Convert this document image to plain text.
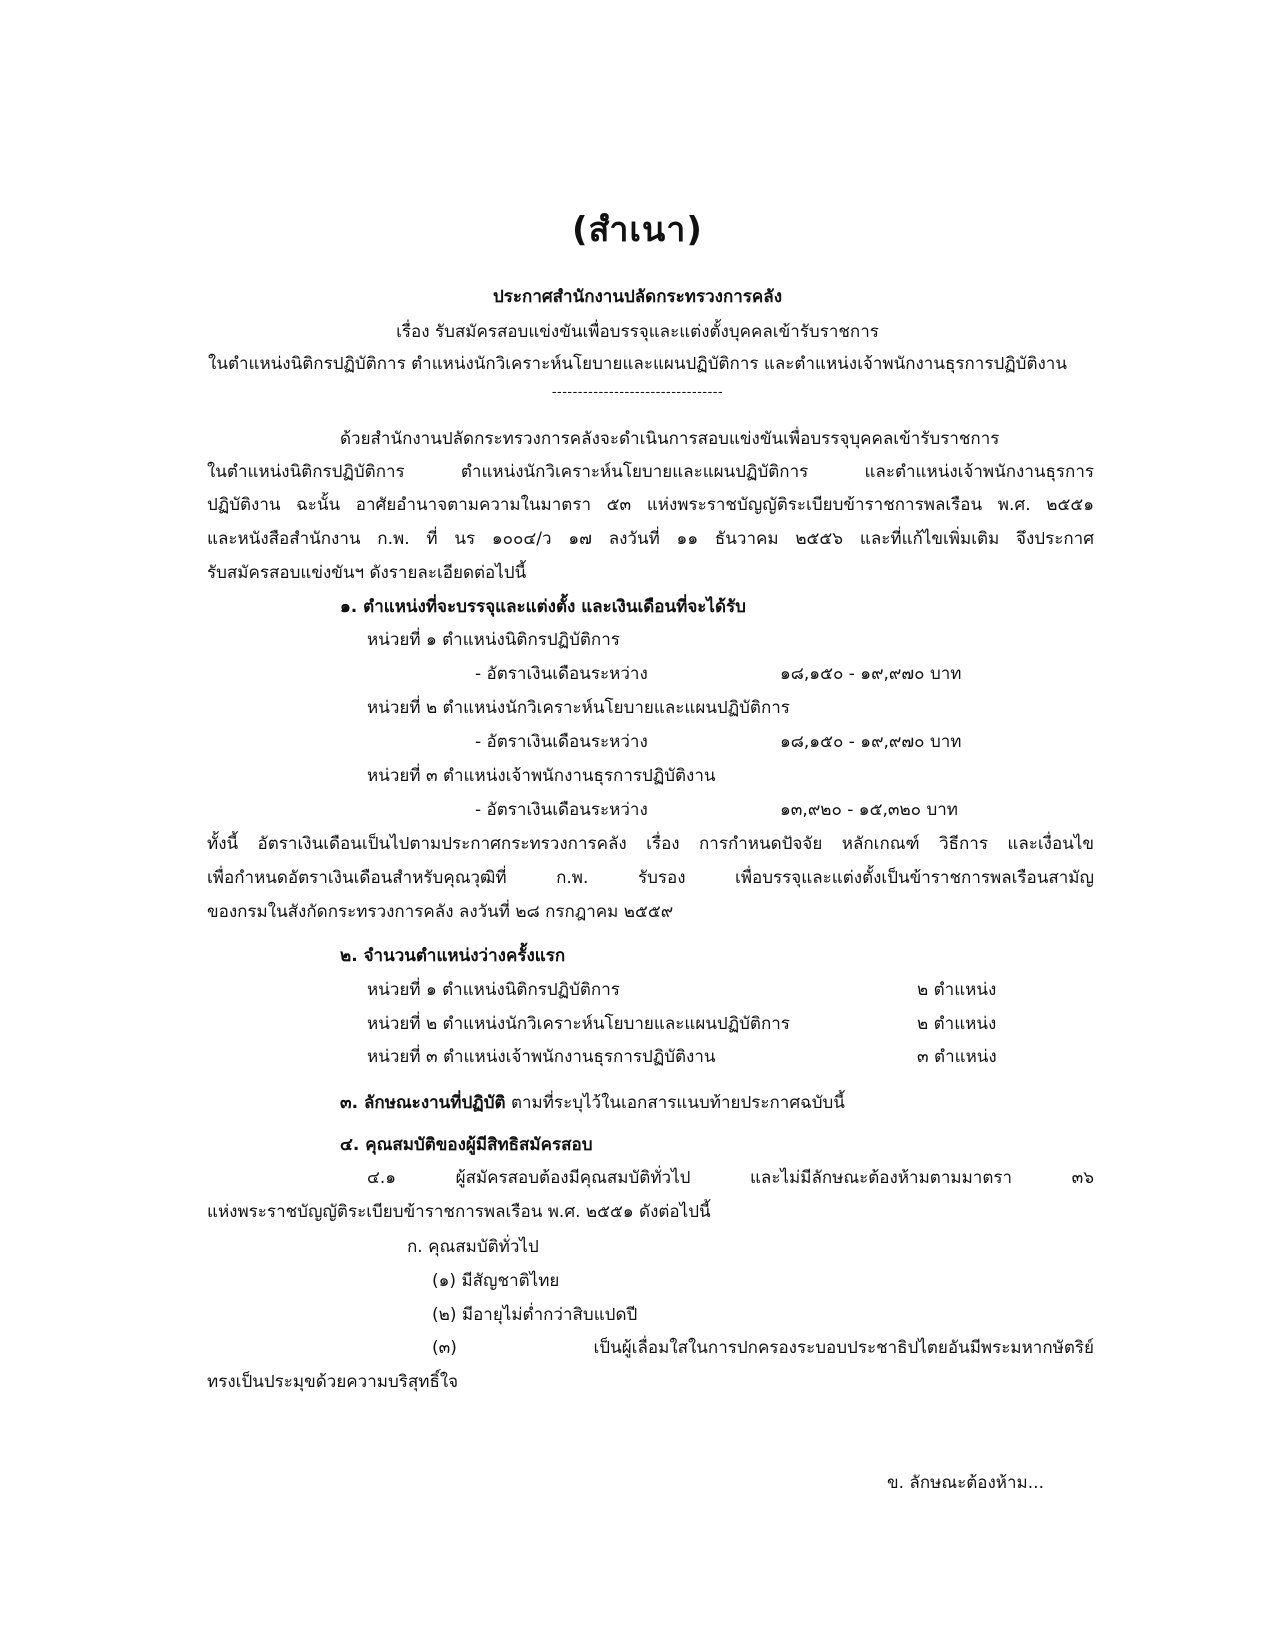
(สำเนา)
ประกาศสำนักงานปลัดกระทรวงการคลัง
เรื่อง รับสมัครสอบแข่งขันเพื่อบรรจุและแต่งตั้งบุคคลเข้ารับราชการ
ในตำแหน่งนิติกรปฏิบัติการ ตำแหน่งนักวิเคราะห์นโยบายและแผนปฏิบัติการ และตำแหน่งเจ้าพนักงานธุรการปฏิบัติงาน
---------------------------------
ด้วยสำนักงานปลัดกระทรวงการคลังจะดำเนินการสอบแข่งขันเพื่อบรรจุบุคคลเข้ารับราชการ
ในตำแหน่งนิติกรปฏิบัติการ ตำแหน่งนักวิเคราะห์นโยบายและแผนปฏิบัติการ และตำแหน่งเจ้าพนักงานธุรการ
ปฏิบัติงาน ฉะนั้น อาศัยอำนาจตามความในมาตรา ๕๓ แห่งพระราชบัญญัติระเบียบข้าราชการพลเรือน พ.ศ. ๒๕๕๑
และหนังสือสำนักงาน ก.พ. ที่ นร ๑๐๐๔/ว ๑๗ ลงวันที่ ๑๑ ธันวาคม ๒๕๕๖ และที่แก้ไขเพิ่มเติม จึงประกาศ
รับสมัครสอบแข่งขันฯ ดังรายละเอียดต่อไปนี้
๑. ตำแหน่งที่จะบรรจุและแต่งตั้ง และเงินเดือนที่จะได้รับ
หน่วยที่ ๑ ตำแหน่งนิติกรปฏิบัติการ
- อัตราเงินเดือนระหว่าง	๑๘,๑๕๐ - ๑๙,๙๗๐ บาท
หน่วยที่ ๒ ตำแหน่งนักวิเคราะห์นโยบายและแผนปฏิบัติการ
- อัตราเงินเดือนระหว่าง	๑๘,๑๕๐ - ๑๙,๙๗๐ บาท
หน่วยที่ ๓ ตำแหน่งเจ้าพนักงานธุรการปฏิบัติงาน
- อัตราเงินเดือนระหว่าง	๑๓,๙๒๐ - ๑๕,๓๒๐ บาท
ทั้งนี้ อัตราเงินเดือนเป็นไปตามประกาศกระทรวงการคลัง เรื่อง การกำหนดปัจจัย หลักเกณฑ์ วิธีการ และเงื่อนไข
เพื่อกำหนดอัตราเงินเดือนสำหรับคุณวุฒิที่ ก.พ. รับรอง เพื่อบรรจุและแต่งตั้งเป็นข้าราชการพลเรือนสามัญ
ของกรมในสังกัดกระทรวงการคลัง ลงวันที่ ๒๘ กรกฎาคม ๒๕๕๙
๒. จำนวนตำแหน่งว่างครั้งแรก
หน่วยที่ ๑ ตำแหน่งนิติกรปฏิบัติการ	๒ ตำแหน่ง
หน่วยที่ ๒ ตำแหน่งนักวิเคราะห์นโยบายและแผนปฏิบัติการ	๒ ตำแหน่ง
หน่วยที่ ๓ ตำแหน่งเจ้าพนักงานธุรการปฏิบัติงาน	๓ ตำแหน่ง
๓. ลักษณะงานที่ปฏิบัติ ตามที่ระบุไว้ในเอกสารแนบท้ายประกาศฉบับนี้
๔. คุณสมบัติของผู้มีสิทธิสมัครสอบ
๔.๑ ผู้สมัครสอบต้องมีคุณสมบัติทั่วไป และไม่มีลักษณะต้องห้ามตามมาตรา ๓๖
แห่งพระราชบัญญัติระเบียบข้าราชการพลเรือน พ.ศ. ๒๕๕๑ ดังต่อไปนี้
ก. คุณสมบัติทั่วไป
(๑) มีสัญชาติไทย
(๒) มีอายุไม่ต่ำกว่าสิบแปดปี
(๓) เป็นผู้เลื่อมใสในการปกครองระบอบประชาธิปไตยอันมีพระมหากษัตริย์
ทรงเป็นประมุขด้วยความบริสุทธิ์ใจ
ข. ลักษณะต้องห้าม...
